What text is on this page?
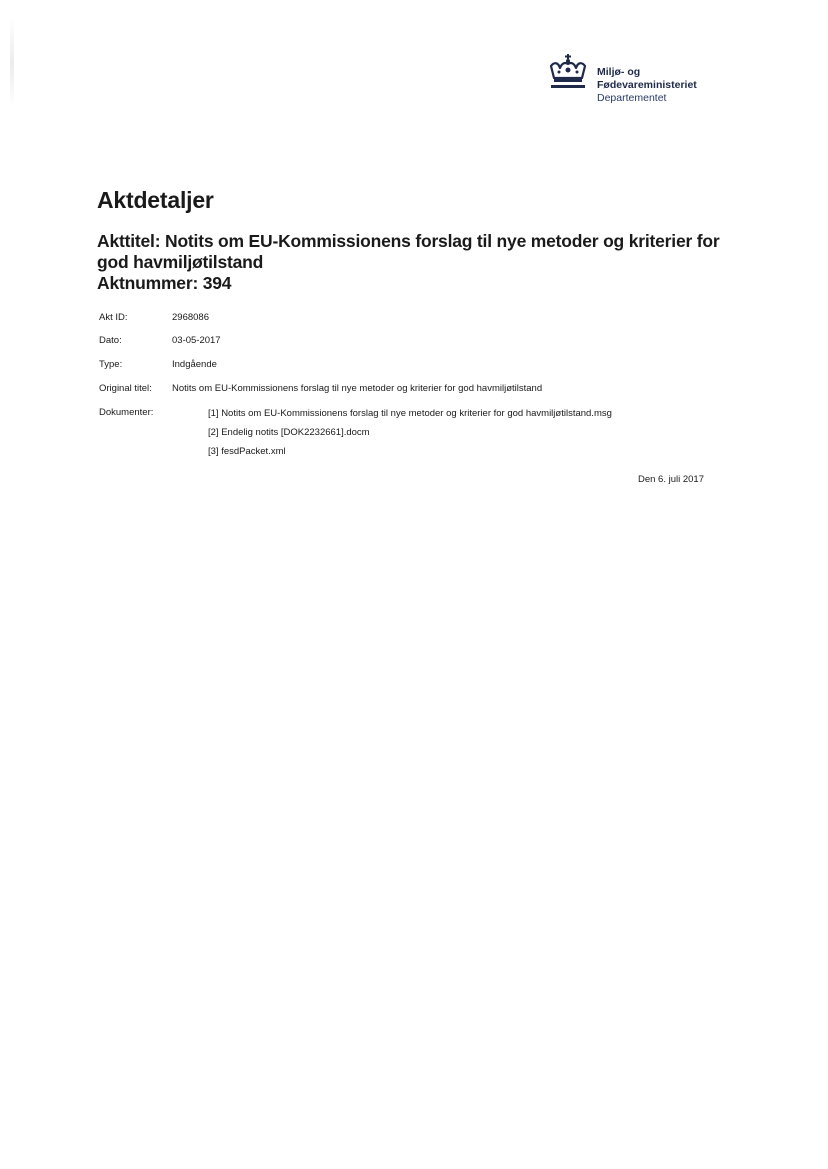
Miljø- og
Fødevareministeriet
Departementet
Aktdetaljer
Akttitel: Notits om EU-Kommissionens forslag til nye metoder og kriterier for god havmiljøtilstand
Aktnummer: 394
Akt ID:	2968086
Dato:	03-05-2017
Type:	Indgående
Original titel: Notits om EU-Kommissionens forslag til nye metoder og kriterier for god havmiljøtilstand
Dokumenter:	[1] Notits om EU-Kommissionens forslag til nye metoder og kriterier for god havmiljøtilstand.msg
[2] Endelig notits [DOK2232661].docm
[3] fesdPacket.xml
Den 6. juli 2017
